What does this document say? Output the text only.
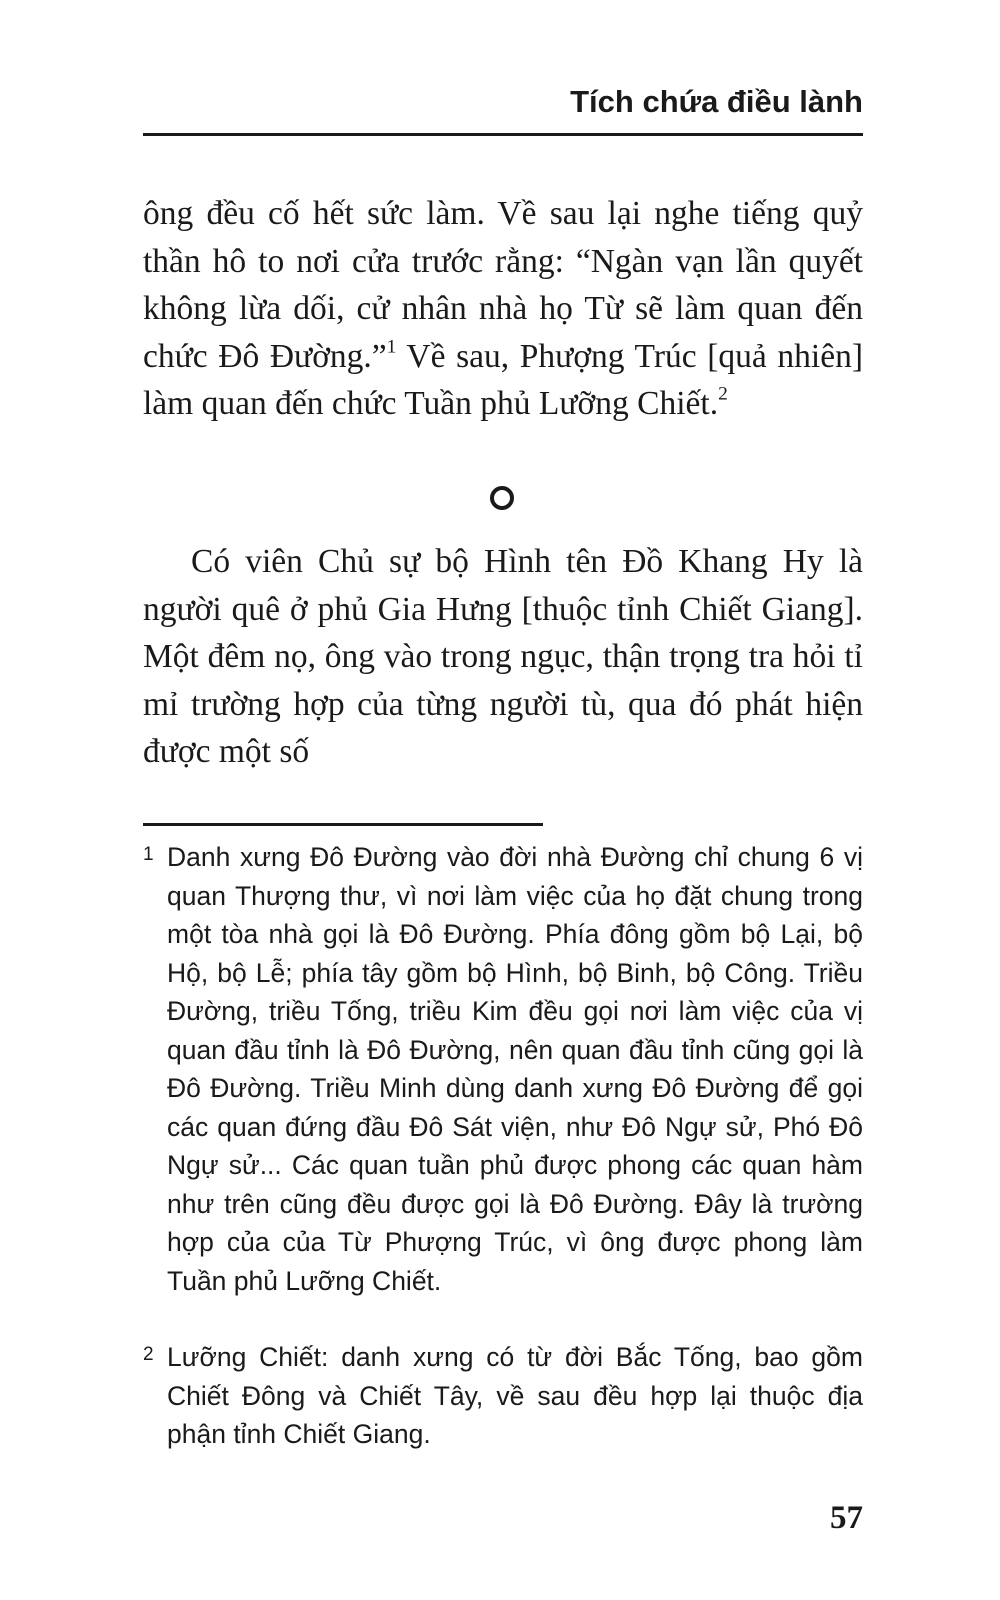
Tích chứa điều lành

ông đều cố hết sức làm. Về sau lại nghe tiếng quỷ thần hô to nơi cửa trước rằng: “Ngàn vạn lần quyết không lừa dối, cử nhân nhà họ Từ sẽ làm quan đến chức Đô Đường.”$^1$ Về sau, Phượng Trúc [quả nhiên] làm quan đến chức Tuần phủ Lưỡng Chiết.$^2$

Có viên Chủ sự bộ Hình tên Đồ Khang Hy là người quê ở phủ Gia Hưng [thuộc tỉnh Chiết Giang]. Một đêm nọ, ông vào trong ngục, thận trọng tra hỏi tỉ mỉ trường hợp của từng người tù, qua đó phát hiện được một số

1 Danh xưng Đô Đường vào đời nhà Đường chỉ chung 6 vị quan Thượng thư, vì nơi làm việc của họ đặt chung trong một tòa nhà gọi là Đô Đường. Phía đông gồm bộ Lại, bộ Hộ, bộ Lễ; phía tây gồm bộ Hình, bộ Binh, bộ Công. Triều Đường, triều Tống, triều Kim đều gọi nơi làm việc của vị quan đầu tỉnh là Đô Đường, nên quan đầu tỉnh cũng gọi là Đô Đường. Triều Minh dùng danh xưng Đô Đường để gọi các quan đứng đầu Đô Sát viện, như Đô Ngự sử, Phó Đô Ngự sử... Các quan tuần phủ được phong các quan hàm như trên cũng đều được gọi là Đô Đường. Đây là trường hợp của của Từ Phượng Trúc, vì ông được phong làm Tuần phủ Lưỡng Chiết.

2 Lưỡng Chiết: danh xưng có từ đời Bắc Tống, bao gồm Chiết Đông và Chiết Tây, về sau đều hợp lại thuộc địa phận tỉnh Chiết Giang.

57
